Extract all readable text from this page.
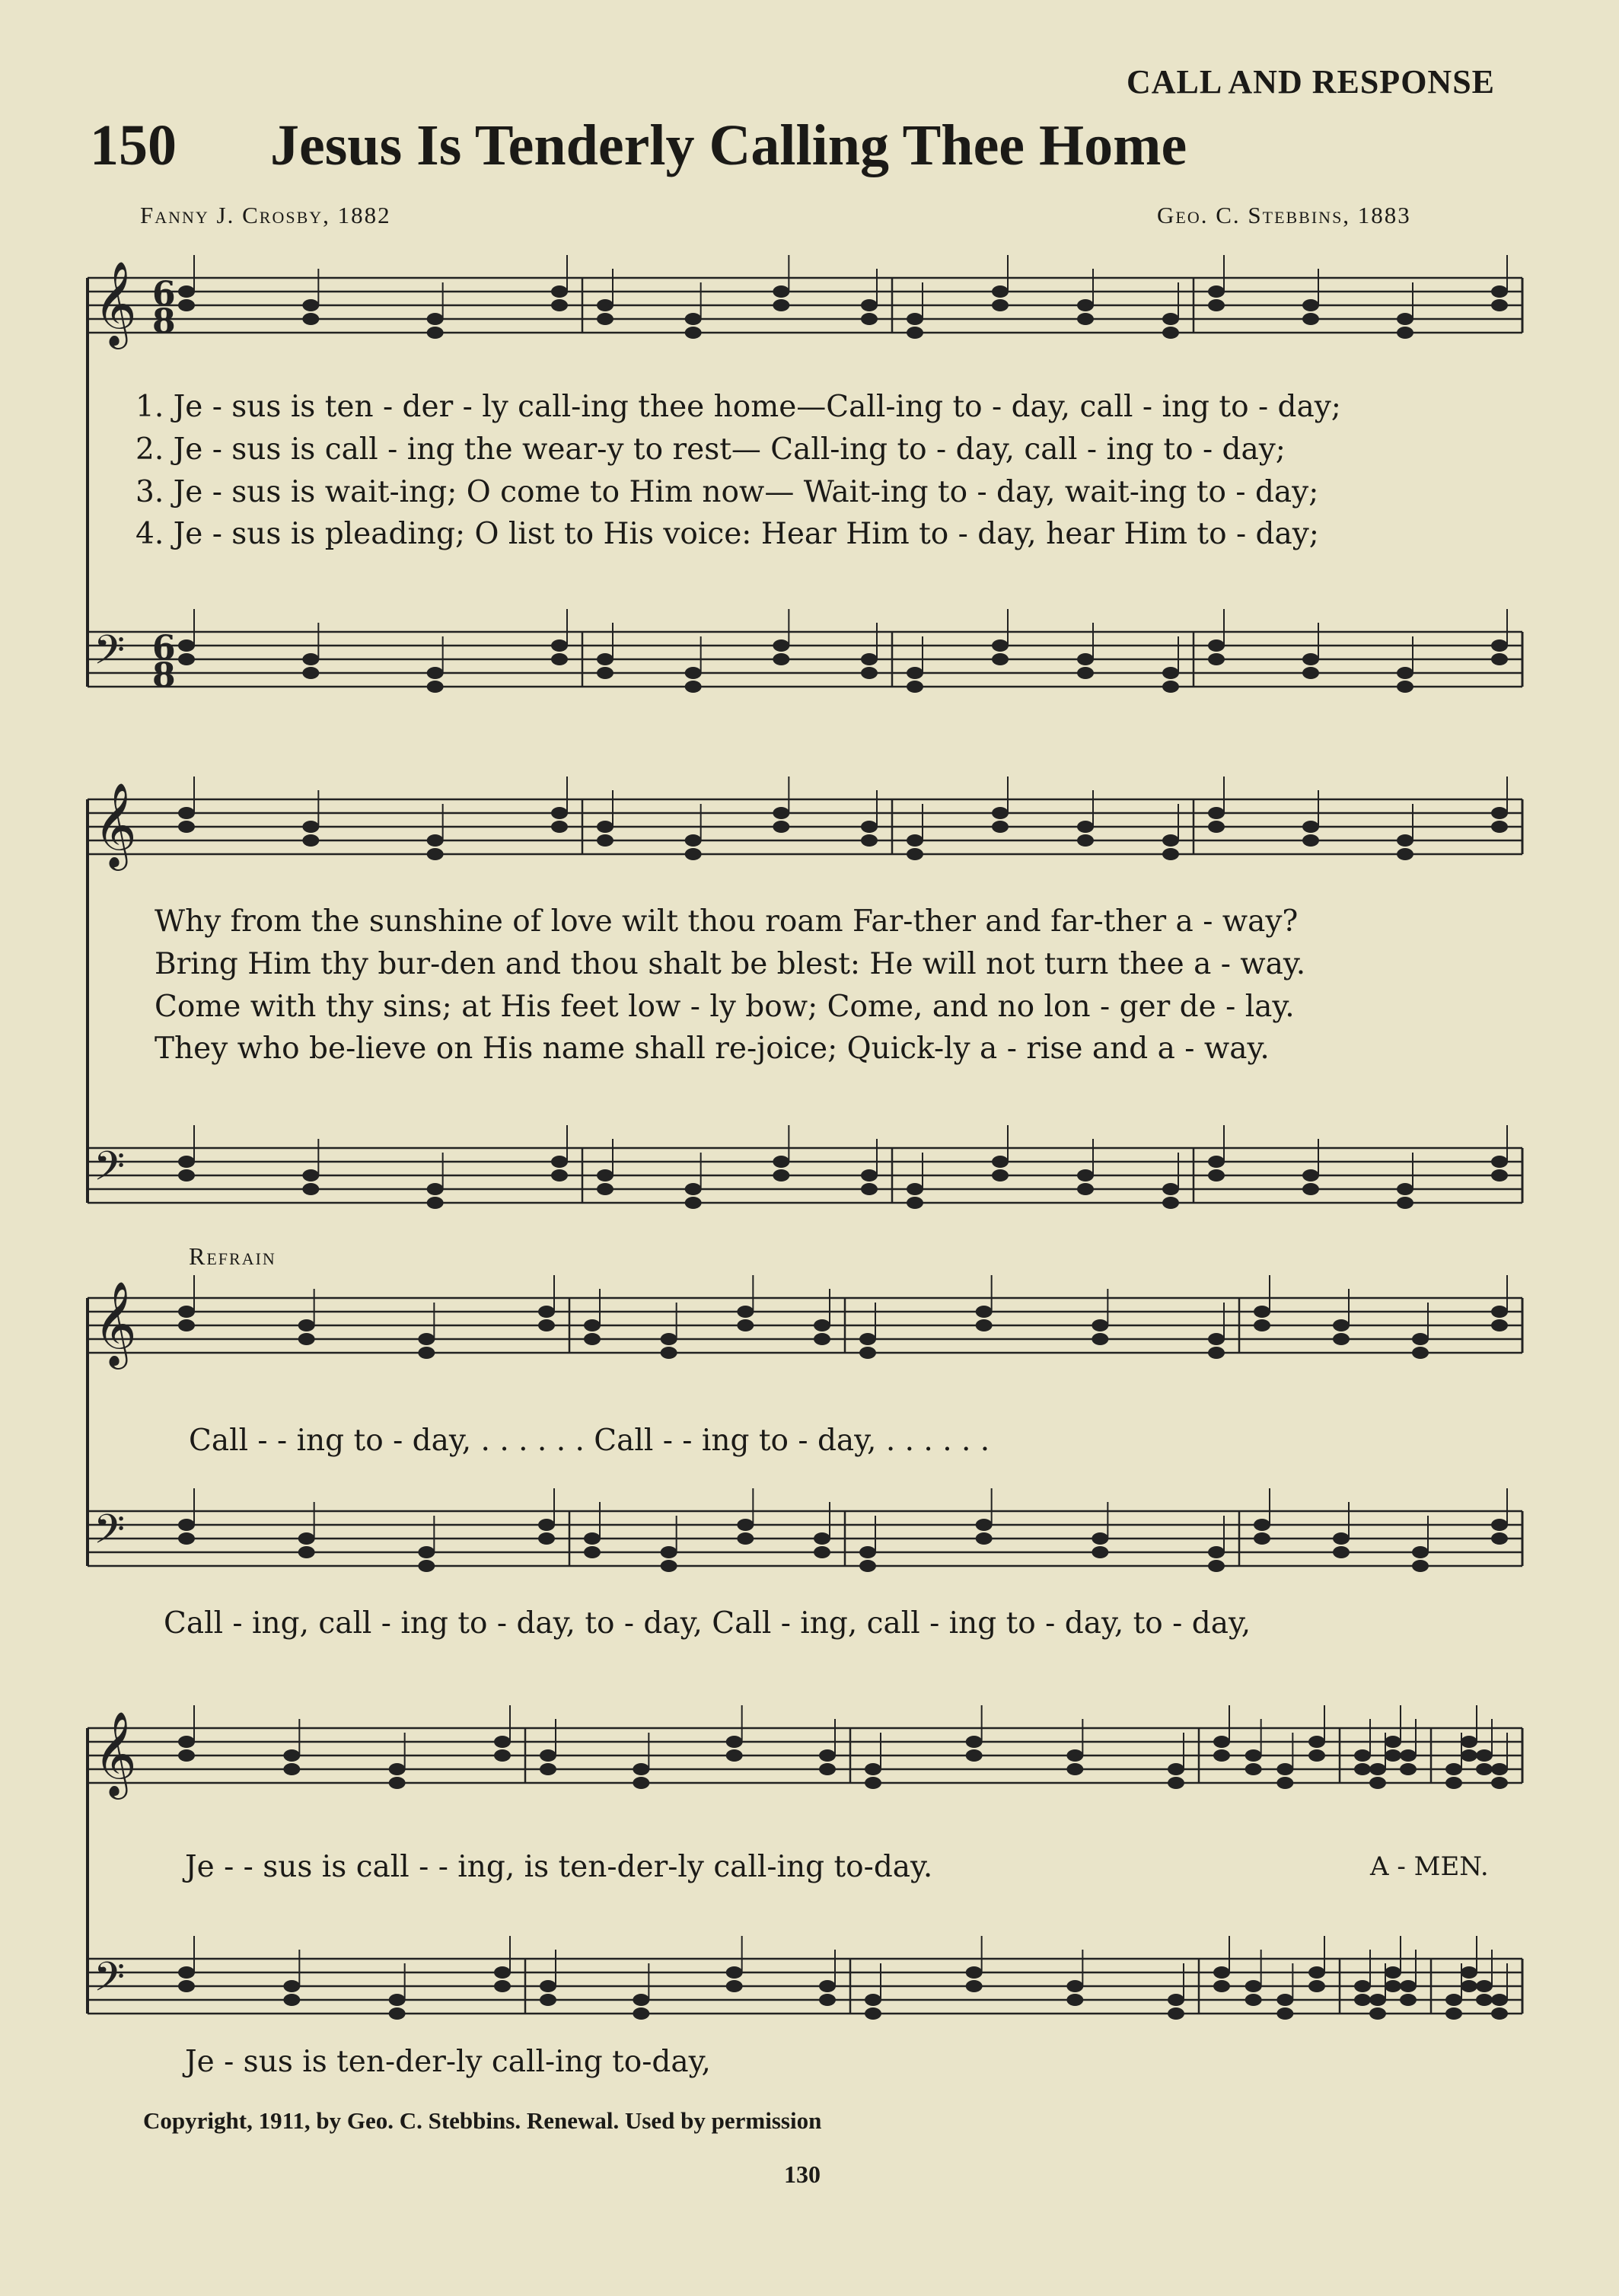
CALL AND RESPONSE
150 Jesus Is Tenderly Calling Thee Home
Fanny J. Crosby, 1882	Geo. C. Stebbins, 1883
𝄞
𝄢
𝄞
𝄢
𝄞
𝄢
𝄞
𝄢
6
8
6
8
1. Je - sus is ten - der - ly call-ing thee home—Call-ing to - day, call - ing to - day;
2. Je - sus is call - ing the wear-y to rest— Call-ing to - day, call - ing to - day;
3. Je - sus is wait-ing; O come to Him now— Wait-ing to - day, wait-ing to - day;
4. Je - sus is pleading; O list to His voice: Hear Him to - day, hear Him to - day;
Why from the sunshine of love wilt thou roam Far-ther and far-ther a - way?
Bring Him thy bur-den and thou shalt be blest: He will not turn thee a - way.
Come with thy sins; at His feet low - ly bow; Come, and no lon - ger de - lay.
They who be-lieve on His name shall re-joice; Quick-ly a - rise and a - way.
Refrain
Call - - ing to - day, . . . . . . Call - - ing to - day, . . . . . .
Call - ing, call - ing to - day, to - day, Call - ing, call - ing to - day, to - day,
Je - - sus is call - - ing, is ten-der-ly call-ing to-day.	A - MEN.
Je - sus is ten-der-ly call-ing to-day,
Copyright, 1911, by Geo. C. Stebbins. Renewal. Used by permission
130
